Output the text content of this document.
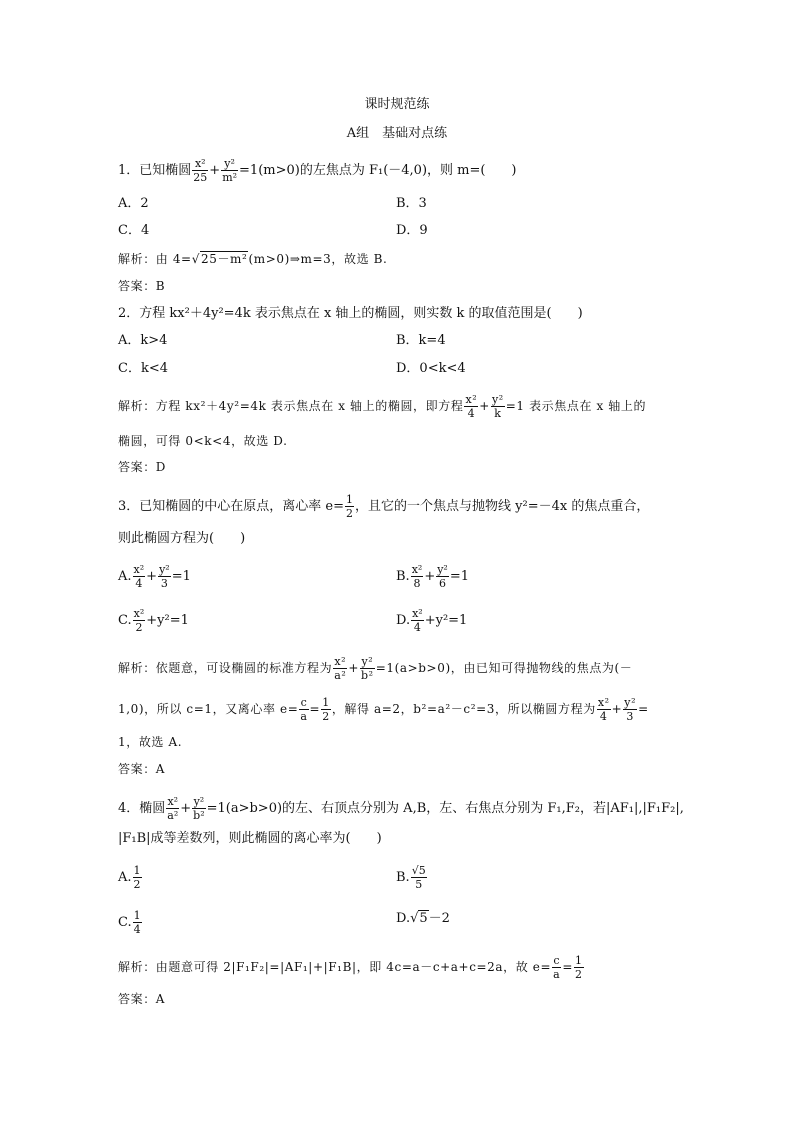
课时规范练
A组　基础对点练
1．已知椭圆 $\frac{\text{x²}}{25} + \frac{\text{y²}}{\text{m²}} =1(m>0)$的左焦点为 F₁(－4,0)，则 m=(　　)
A．2	B．3
C．4	D．9
解析：由 4=√25－m²(m>0)⇒m=3，故选 B.
答案：B
2．方程 kx²＋4y²=4k 表示焦点在 x 轴上的椭圆，则实数 k 的取值范围是(　　)
A．k>4	B．k=4
C．k<4	D．0<k<4
解析：方程 kx²＋4y²=4k 表示焦点在 x 轴上的椭圆，即方程 $\frac{\text{x²}}{4} + \frac{\text{y²}}{k} =1$ 表示焦点在 x 轴上的
椭圆，可得 0<k<4，故选 D.
答案：D
3．已知椭圆的中心在原点，离心率 $e= \frac{1}{2}$ ，且它的一个焦点与抛物线 y²=－4x 的焦点重合，
则此椭圆方程为(　　)
A. $\frac{\text{x²}}{4} + \frac{\text{y²}}{3} =1$	B. $\frac{\text{x²}}{8} + \frac{\text{y²}}{6} =1$
C. $\frac{\text{x²}}{2} +y^2=1$	D. $\frac{\text{x²}}{4} +y^2=1$
解析：依题意，可设椭圆的标准方程为 $\frac{\text{x²}}{\text{a²}} + \frac{\text{y²}}{\text{b²}} =1(a>b>0)$，由已知可得抛物线的焦点为(－
1,0)，所以 c=1，又离心率 $e= \frac{c}{a} = \frac{1}{2}$ ，解得 a=2，b²=a²－c²=3，所以椭圆方程为 $\frac{\text{x²}}{4} + \frac{\text{y²}}{3}$ =
1，故选 A.
答案：A
4．椭圆 $\frac{\text{x²}}{\text{a²}} + \frac{\text{y²}}{\text{b²}} =1(a>b>0)$的左、右顶点分别为 A,B，左、右焦点分别为 F₁,F₂，若|AF₁|,|F₁F₂|,
|F₁B|成等差数列，则此椭圆的离心率为(　　)
A. $\frac{1}{2}$	B. $\frac{√5}{5}$
C. $\frac{1}{4}$	D.√5－2
解析：由题意可得 2|F₁F₂|=|AF₁|+|F₁B|，即 4c=a－c+a+c=2a，故 $e= \frac{c}{a} = \frac{1}{2}$
答案：A
